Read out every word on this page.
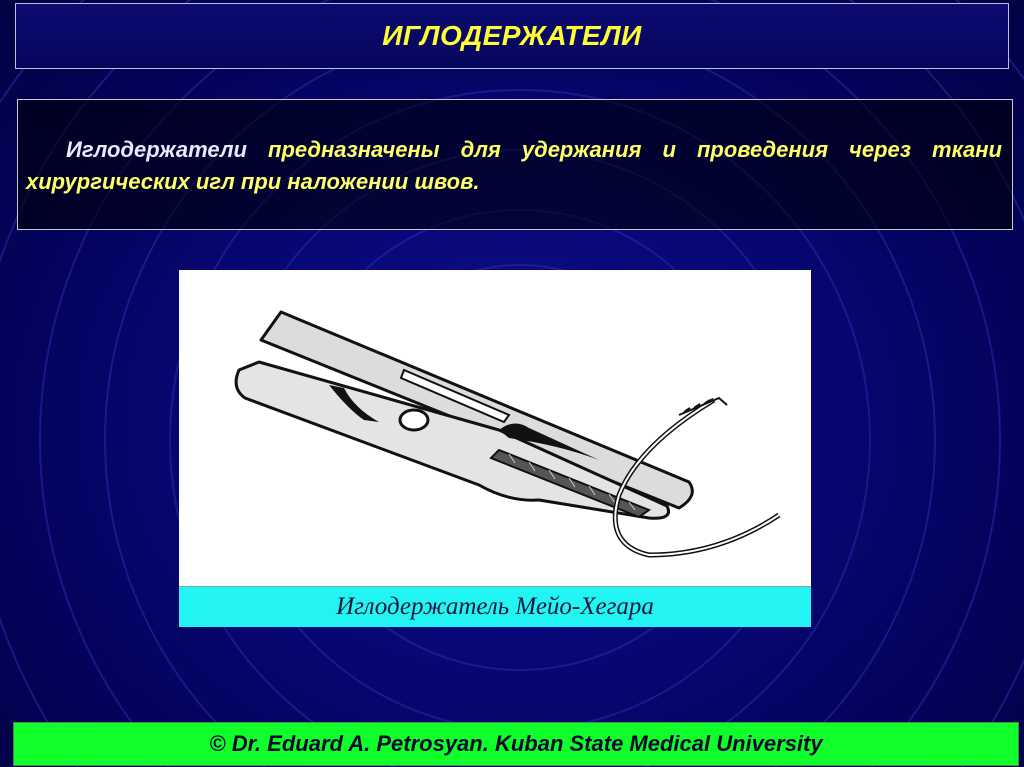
ИГЛОДЕРЖАТЕЛИ

Иглодержатели предназначены для удержания и проведения через ткани хирургических игл при наложении швов.

Иглодержатель Мейо-Хегара
© Dr. Eduard A. Petrosyan. Kuban State Medical University
